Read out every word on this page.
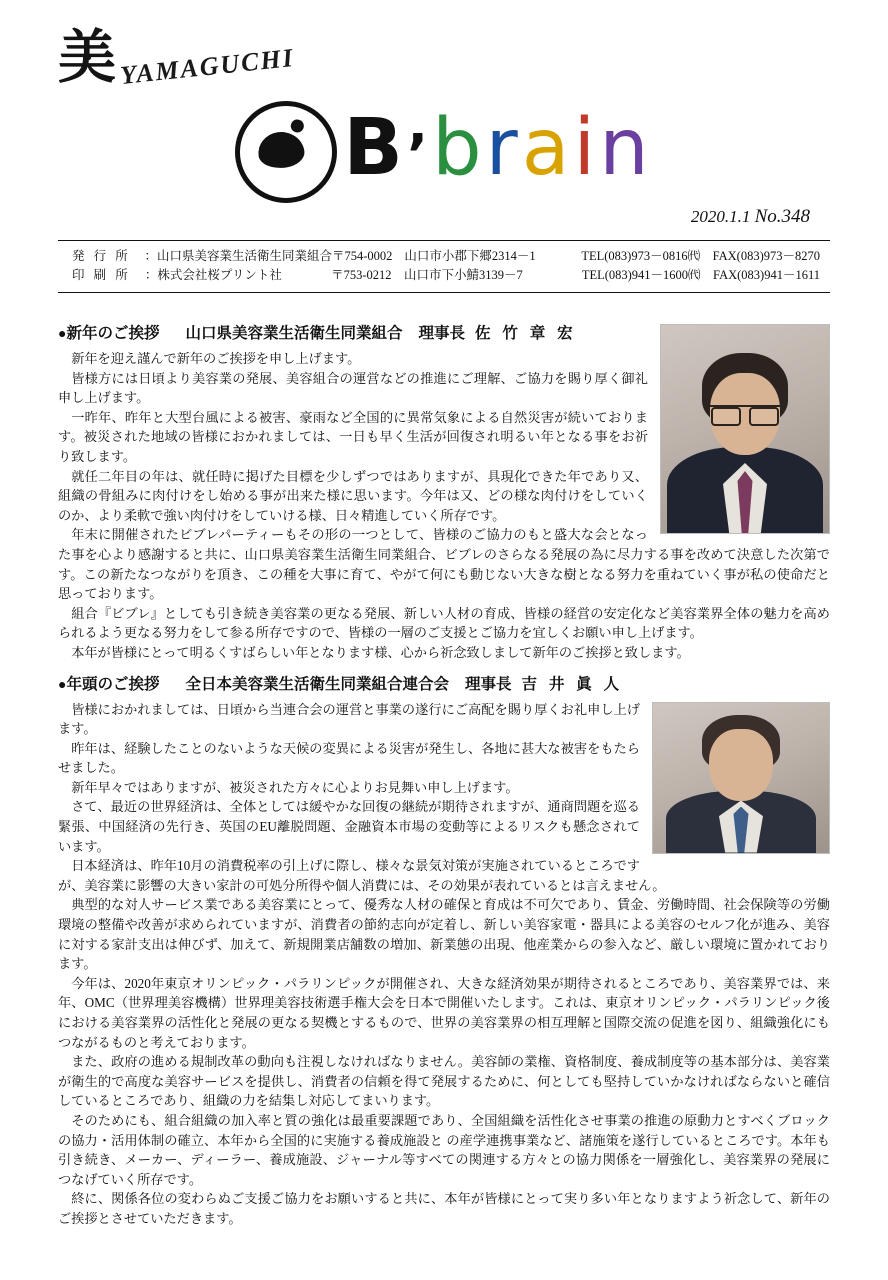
美 YAMAGUCHI
B’brain
2020.1.1 No.348
発 行 所	：山口県美容業生活衛生同業組合 〒754-0002 山口市小郡下郷2314－1	TEL(083)973－0816㈹　FAX(083)973－8270
印 刷 所	：株式会社桜プリント社	〒753-0212 山口市下小鯖3139－7	TEL(083)941－1600㈹　FAX(083)941－1611
●新年のご挨拶 山口県美容業生活衛生同業組合 理事長 佐 竹 章 宏

新年を迎え謹んで新年のご挨拶を申し上げます。

皆様方には日頃より美容業の発展、美容組合の運営などの推進にご理解、ご協力を賜り厚く御礼申し上げます。

一昨年、昨年と大型台風による被害、豪雨など全国的に異常気象による自然災害が続いております。被災された地域の皆様におかれましては、一日も早く生活が回復され明るい年となる事をお祈り致します。

就任二年目の年は、就任時に掲げた目標を少しずつではありますが、具現化できた年であり又、組織の骨組みに肉付けをし始める事が出来た様に思います。今年は又、どの様な肉付けをしていくのか、より柔軟で強い肉付けをしていける様、日々精進していく所存です。

年末に開催されたビブレパーティーもその形の一つとして、皆様のご協力のもと盛大な会となった事を心より感謝すると共に、山口県美容業生活衛生同業組合、ビブレのさらなる発展の為に尽力する事を改めて決意した次第です。この新たなつながりを頂き、この種を大事に育て、やがて何にも動じない大きな樹となる努力を重ねていく事が私の使命だと思っております。

組合『ビブレ』としても引き続き美容業の更なる発展、新しい人材の育成、皆様の経営の安定化など美容業界全体の魅力を高められるよう更なる努力をして参る所存ですので、皆様の一層のご支援とご協力を宜しくお願い申し上げます。

本年が皆様にとって明るくすばらしい年となります様、心から祈念致しまして新年のご挨拶と致します。

●年頭のご挨拶 全日本美容業生活衛生同業組合連合会 理事長 吉 井 眞 人

皆様におかれましては、日頃から当連合会の運営と事業の遂行にご高配を賜り厚くお礼申し上げます。

昨年は、経験したことのないような天候の変異による災害が発生し、各地に甚大な被害をもたらせました。

新年早々ではありますが、被災された方々に心よりお見舞い申し上げます。

さて、最近の世界経済は、全体としては緩やかな回復の継続が期待されますが、通商問題を巡る緊張、中国経済の先行き、英国のEU離脱問題、金融資本市場の変動等によるリスクも懸念されています。

日本経済は、昨年10月の消費税率の引上げに際し、様々な景気対策が実施されているところですが、美容業に影響の大きい家計の可処分所得や個人消費には、その効果が表れているとは言えません。

典型的な対人サービス業である美容業にとって、優秀な人材の確保と育成は不可欠であり、賃金、労働時間、社会保険等の労働環境の整備や改善が求められていますが、消費者の節約志向が定着し、新しい美容家電・器具による美容のセルフ化が進み、美容に対する家計支出は伸びず、加えて、新規開業店舗数の増加、新業態の出現、他産業からの参入など、厳しい環境に置かれております。

今年は、2020年東京オリンピック・パラリンピックが開催され、大きな経済効果が期待されるところであり、美容業界では、来年、OMC（世界理美容機構）世界理美容技術選手権大会を日本で開催いたします。これは、東京オリンピック・パラリンピック後における美容業界の活性化と発展の更なる契機とするもので、世界の美容業界の相互理解と国際交流の促進を図り、組織強化にもつながるものと考えております。

また、政府の進める規制改革の動向も注視しなければなりません。美容師の業権、資格制度、養成制度等の基本部分は、美容業が衛生的で高度な美容サービスを提供し、消費者の信頼を得て発展するために、何としても堅持していかなければならないと確信しているところであり、組織の力を結集し対応してまいります。

そのためにも、組合組織の加入率と質の強化は最重要課題であり、全国組織を活性化させ事業の推進の原動力とすべくブロックの協力・活用体制の確立、本年から全国的に実施する養成施設と の産学連携事業など、諸施策を遂行しているところです。本年も引き続き、メーカー、ディーラー、養成施設、ジャーナル等すべての関連する方々との協力関係を一層強化し、美容業界の発展につなげていく所存です。

終に、関係各位の変わらぬご支援ご協力をお願いすると共に、本年が皆様にとって実り多い年となりますよう祈念して、新年のご挨拶とさせていただきます。
